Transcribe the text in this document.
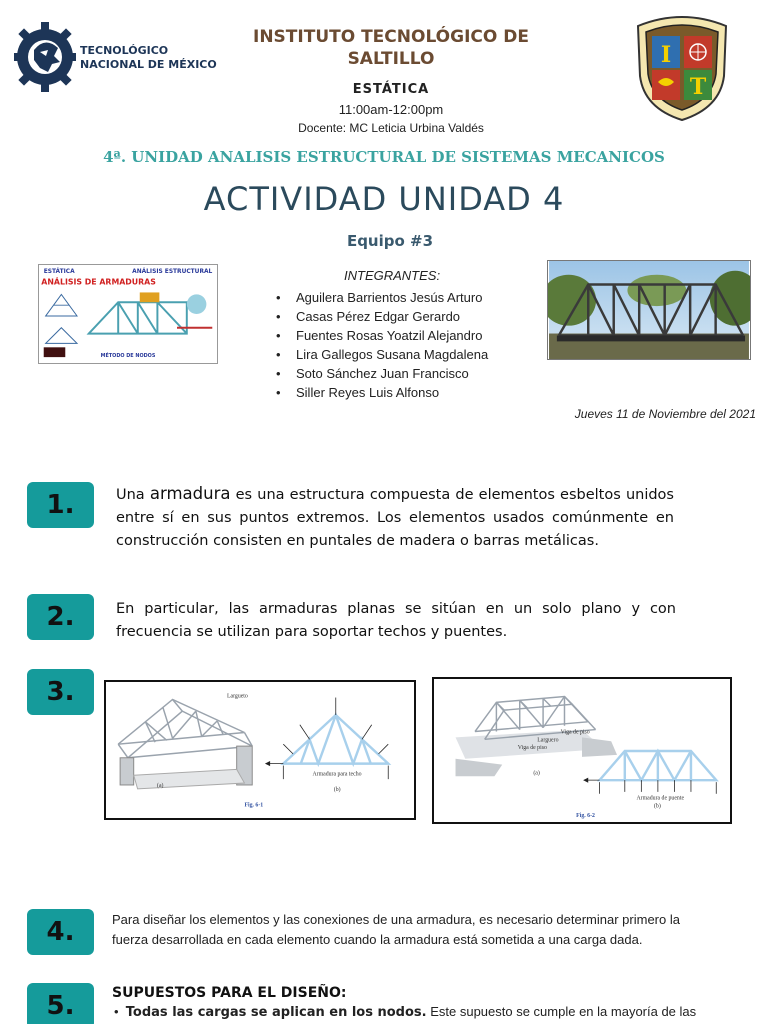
TECNOLÓGICO
NACIONAL DE MÉXICO
INSTITUTO TECNOLÓGICO DE
SALTILLO
ESTÁTICA
11:00am-12:00pm
Docente: MC Leticia Urbina Valdés
I
T
4ª. UNIDAD ANALISIS ESTRUCTURAL DE SISTEMAS MECANICOS
ACTIVIDAD UNIDAD 4
Equipo #3
ESTÁTICA	ANÁLISIS ESTRUCTURAL
ANÁLISIS DE ARMADURAS
MÉTODO DE NODOS
INTEGRANTES:
• Aguilera Barrientos Jesús Arturo
• Casas Pérez Edgar Gerardo
• Fuentes Rosas Yoatzil Alejandro
• Lira Gallegos Susana Magdalena
• Soto Sánchez Juan Francisco
• Siller Reyes Luis Alfonso
Jueves 11 de Noviembre del 2021
1.	Una armadura es una estructura compuesta de elementos esbeltos unidos entre sí en sus puntos extremos. Los elementos usados comúnmente en construcción consisten en puntales de madera o barras metálicas.
2.	En particular, las armaduras planas se sitúan en un solo plano y con frecuencia se utilizan para soportar techos y puentes.
3.	Largueto
(a)
Armadura para techo
(b)
Fig. 6-1
Viga de piso
Larguero
Viga de piso
(a)
Armadura de puente
(b)
Fig. 6-2
4.	Para diseñar los elementos y las conexiones de una armadura, es necesario determinar primero la fuerza desarrollada en cada elemento cuando la armadura está sometida a una carga dada.
5.	SUPUESTOS PARA EL DISEÑO:
•  Todas las cargas se aplican en los nodos. Este supuesto se cumple en la mayoría de las
